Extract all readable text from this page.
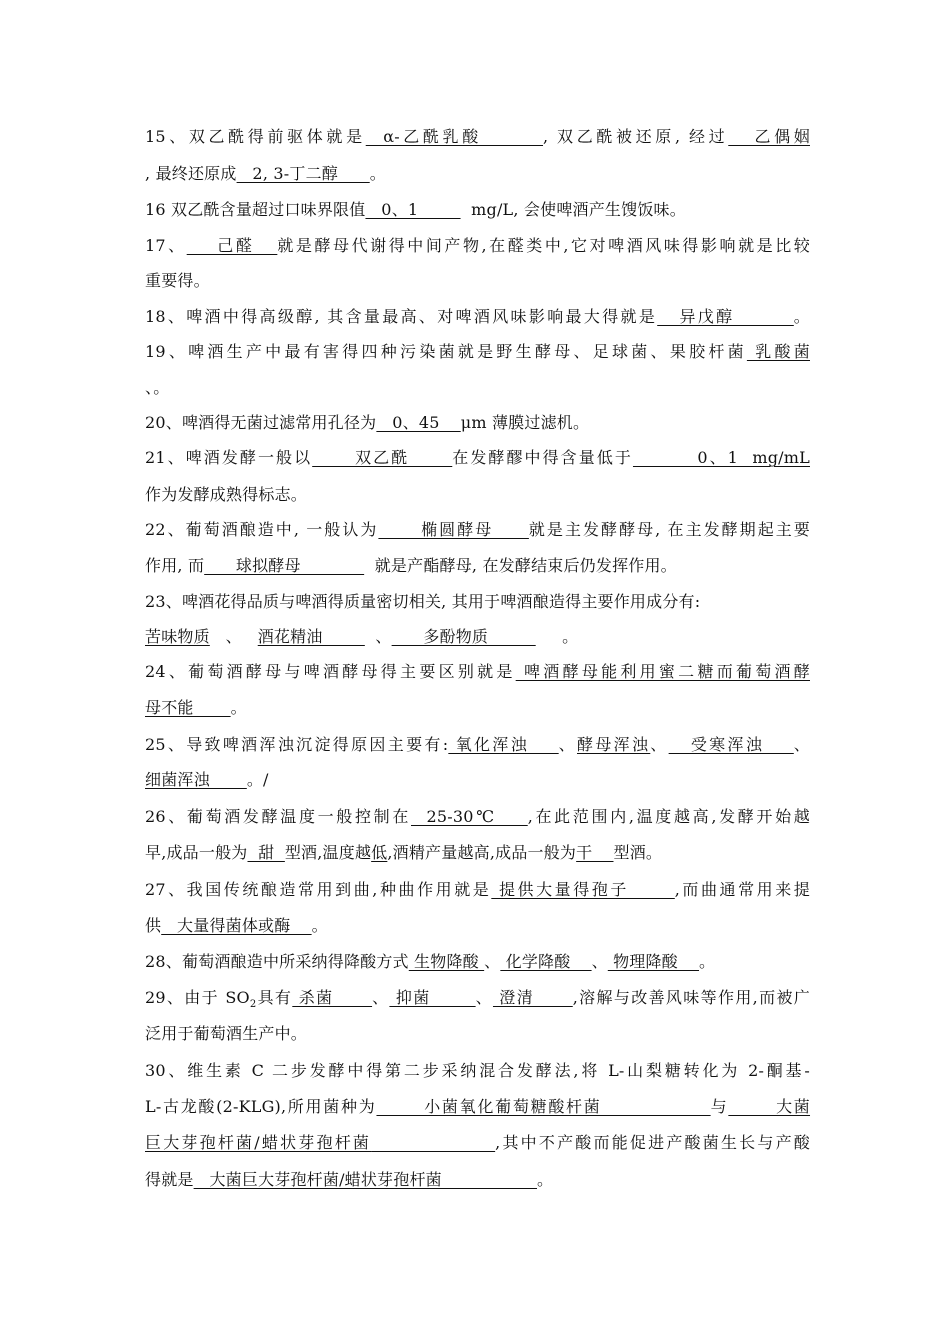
15、双乙酰得前驱体就是  α-乙酰乳酸       , 双乙酰被还原, 经过   乙偶姻
, 最终还原成   2, 3-丁二醇      。
16 双乙酰含量超过口味界限值   0、1          mg/L, 会使啤酒产生馊饭味。
17、    己醛   就是酵母代谢得中间产物,在醛类中,它对啤酒风味得影响就是比较
重要得。
18、啤酒中得高级醇, 其含量最高、对啤酒风味影响最大得就是   异戊醇        。
19、啤酒生产中最有害得四种污染菌就是野生酵母、足球菌、果胶杆菌 乳酸菌
、。
20、啤酒得无菌过滤常用孔径为   0、45    μm 薄膜过滤机。
21、啤酒发酵一般以      双乙酰      在发酵醪中得含量低于         0、1  mg/mL
作为发酵成熟得标志。
22、葡萄酒酿造中, 一般认为      椭圆酵母     就是主发酵酵母, 在主发酵期起主要
作用, 而      球拟酵母              就是产酯酵母, 在发酵结束后仍发挥作用。
23、啤酒花得品质与啤酒得质量密切相关, 其用于啤酒酿造得主要作用成分有:
苦味物质   、   酒花精油          、      多酚物质              。
24、葡萄酒酵母与啤酒酵母得主要区别就是 啤酒酵母能利用蜜二糖而葡萄酒酵
母不能       。
25、导致啤酒浑浊沉淀得原因主要有: 氧化浑浊    、酵母浑浊、   受寒浑浊    、
细菌浑浊       。/
26、葡萄酒发酵温度一般控制在  25-30℃    ,在此范围内,温度越高,发酵开始越
早,成品一般为  甜  型酒,温度越低,酒精产量越高,成品一般为干    型酒。
27、我国传统酿造常用到曲,种曲作用就是 提供大量得孢子      ,而曲通常用来提
供   大量得菌体或酶    。
28、葡萄酒酿造中所采纳得降酸方式 生物降酸 、 化学降酸    、 物理降酸    。
29、由于 $SO_2$具有 杀菌      、 抑菌       、 澄清      ,溶解与改善风味等作用,而被广
泛用于葡萄酒生产中。
30、维生素 C 二步发酵中得第二步采纳混合发酵法,将 L-山梨糖转化为 2-酮基-
L-古龙酸(2-KLG),所用菌种为       小菌氧化葡萄糖酸杆菌                与       大菌
巨大芽孢杆菌/蜡状芽孢杆菌	,其中不产酸而能促进产酸菌生长与产酸
得就是   大菌巨大芽孢杆菌/蜡状芽孢杆菌                  。
